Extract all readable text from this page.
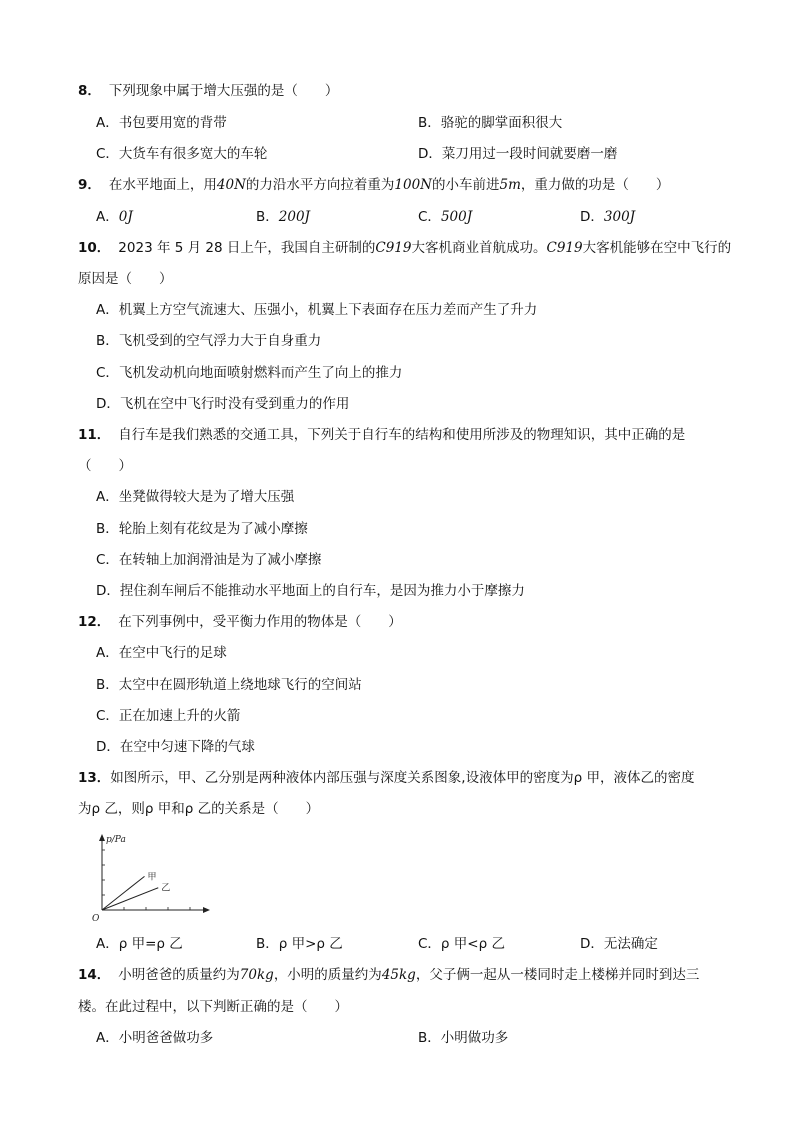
8． 下列现象中属于增大压强的是（　　）
A．书包要用宽的背带	B．骆驼的脚掌面积很大
C．大货车有很多宽大的车轮	D．菜刀用过一段时间就要磨一磨
9． 在水平地面上，用40N的力沿水平方向拉着重为100N的小车前进5m，重力做的功是（　　）
A．0J	B．200J	C．500J	D．300J
10． 2023 年 5 月 28 日上午，我国自主研制的C919大客机商业首航成功。C919大客机能够在空中飞行的
原因是（　　）
A．机翼上方空气流速大、压强小，机翼上下表面存在压力差而产生了升力
B．飞机受到的空气浮力大于自身重力
C．飞机发动机向地面喷射燃料而产生了向上的推力
D．飞机在空中飞行时没有受到重力的作用
11． 自行车是我们熟悉的交通工具，下列关于自行车的结构和使用所涉及的物理知识，其中正确的是
（　　）
A．坐凳做得较大是为了增大压强
B．轮胎上刻有花纹是为了减小摩擦
C．在转轴上加润滑油是为了减小摩擦
D．捏住刹车闸后不能推动水平地面上的自行车，是因为推力小于摩擦力
12． 在下列事例中，受平衡力作用的物体是（　　）
A．在空中飞行的足球
B．太空中在圆形轨道上绕地球飞行的空间站
C．正在加速上升的火箭
D．在空中匀速下降的气球
13．如图所示，甲、乙分别是两种液体内部压强与深度关系图象,设液体甲的密度为ρ 甲，液体乙的密度
为ρ 乙，则ρ 甲和ρ 乙的关系是（　　）
p/Pa
O
甲
乙
A．ρ 甲=ρ 乙	B．ρ 甲>ρ 乙	C．ρ 甲<ρ 乙	D．无法确定
14． 小明爸爸的质量约为70kg，小明的质量约为45kg，父子俩一起从一楼同时走上楼梯并同时到达三
楼。在此过程中，以下判断正确的是（　　）
A．小明爸爸做功多	B．小明做功多
